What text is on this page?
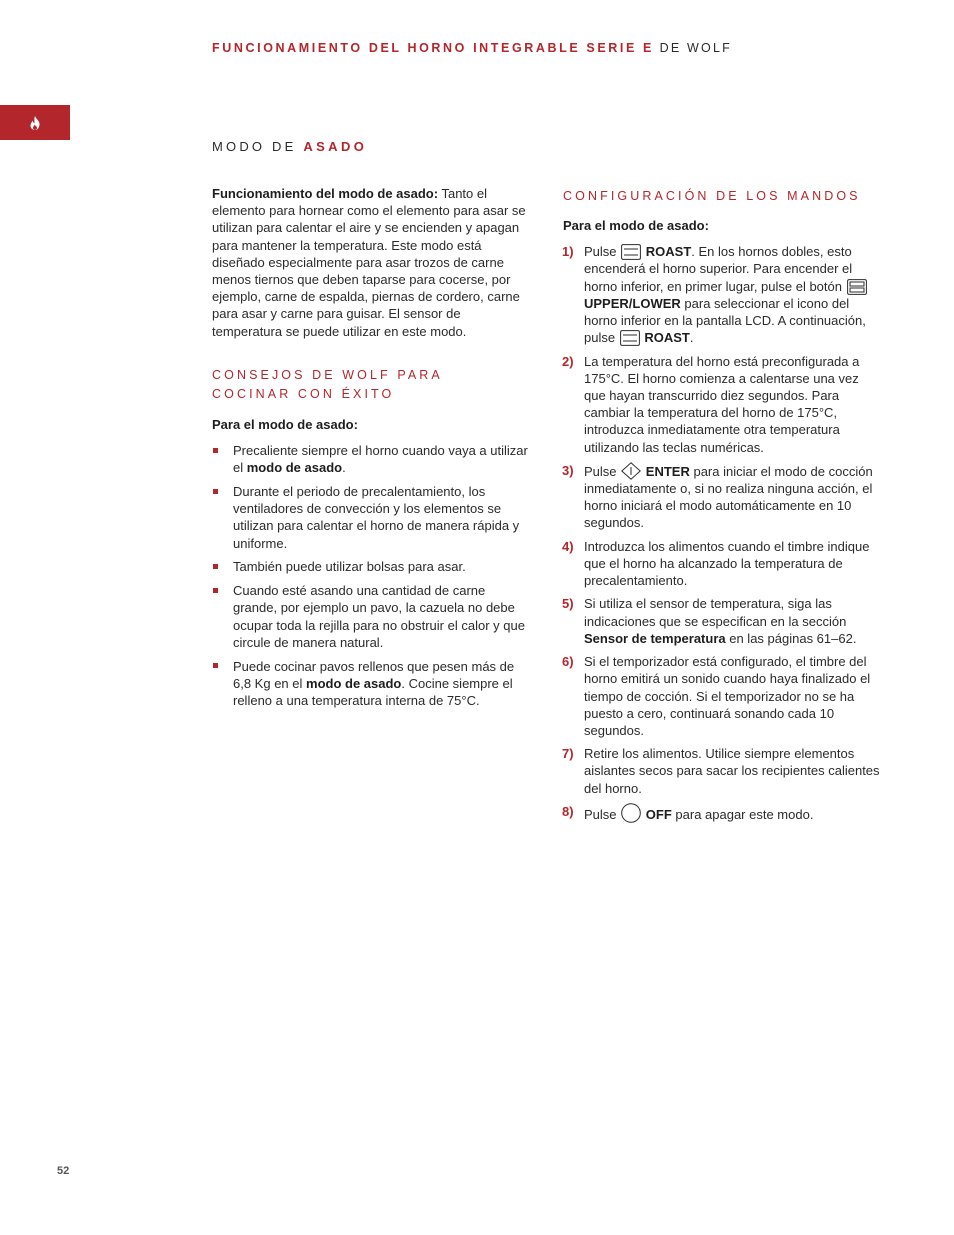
FUNCIONAMIENTO DEL HORNO INTEGRABLE SERIE E DE WOLF
MODO DE ASADO

Funcionamiento del modo de asado: Tanto el elemento para hornear como el elemento para asar se utilizan para calentar el aire y se encienden y apagan para mantener la temperatura. Este modo está diseñado especialmente para asar trozos de carne menos tiernos que deben taparse para cocerse, por ejemplo, carne de espalda, piernas de cordero, carne para asar y carne para guisar. El sensor de temperatura se puede utilizar en este modo.

CONSEJOS DE WOLF PARA
COCINAR CON ÉXITO

Para el modo de asado:

Precaliente siempre el horno cuando vaya a utilizar el modo de asado.
Durante el periodo de precalentamiento, los ventiladores de convección y los elementos se utilizan para calentar el horno de manera rápida y uniforme.
También puede utilizar bolsas para asar.
Cuando esté asando una cantidad de carne grande, por ejemplo un pavo, la cazuela no debe ocupar toda la rejilla para no obstruir el calor y que circule de manera natural.
Puede cocinar pavos rellenos que pesen más de 6,8 Kg en el modo de asado. Cocine siempre el relleno a una temperatura interna de 75°C.

CONFIGURACIÓN DE LOS MANDOS

Para el modo de asado:

1) Pulse ROAST. En los hornos dobles, esto encenderá el horno superior. Para encender el horno inferior, en primer lugar, pulse el botón  UPPER/LOWER para seleccionar el icono del horno inferior en la pantalla LCD. A continuación, pulse ROAST.
2) La temperatura del horno está preconfigurada a 175°C. El horno comienza a calentarse una vez que hayan transcurrido diez segundos. Para cambiar la temperatura del horno de 175°C, introduzca inmediatamente otra temperatura utilizando las teclas numéricas.
3) Pulse ENTER para iniciar el modo de cocción inmediatamente o, si no realiza ninguna acción, el horno iniciará el modo automáticamente en 10 segundos.
4) Introduzca los alimentos cuando el timbre indique que el horno ha alcanzado la temperatura de precalentamiento.
5) Si utiliza el sensor de temperatura, siga las indicaciones que se especifican en la sección Sensor de temperatura en las páginas 61–62.
6) Si el temporizador está configurado, el timbre del horno emitirá un sonido cuando haya finalizado el tiempo de cocción. Si el temporizador no se ha puesto a cero, continuará sonando cada 10 segundos.
7) Retire los alimentos. Utilice siempre elementos aislantes secos para sacar los recipientes calientes del horno.
8) Pulse OFF para apagar este modo.
52
